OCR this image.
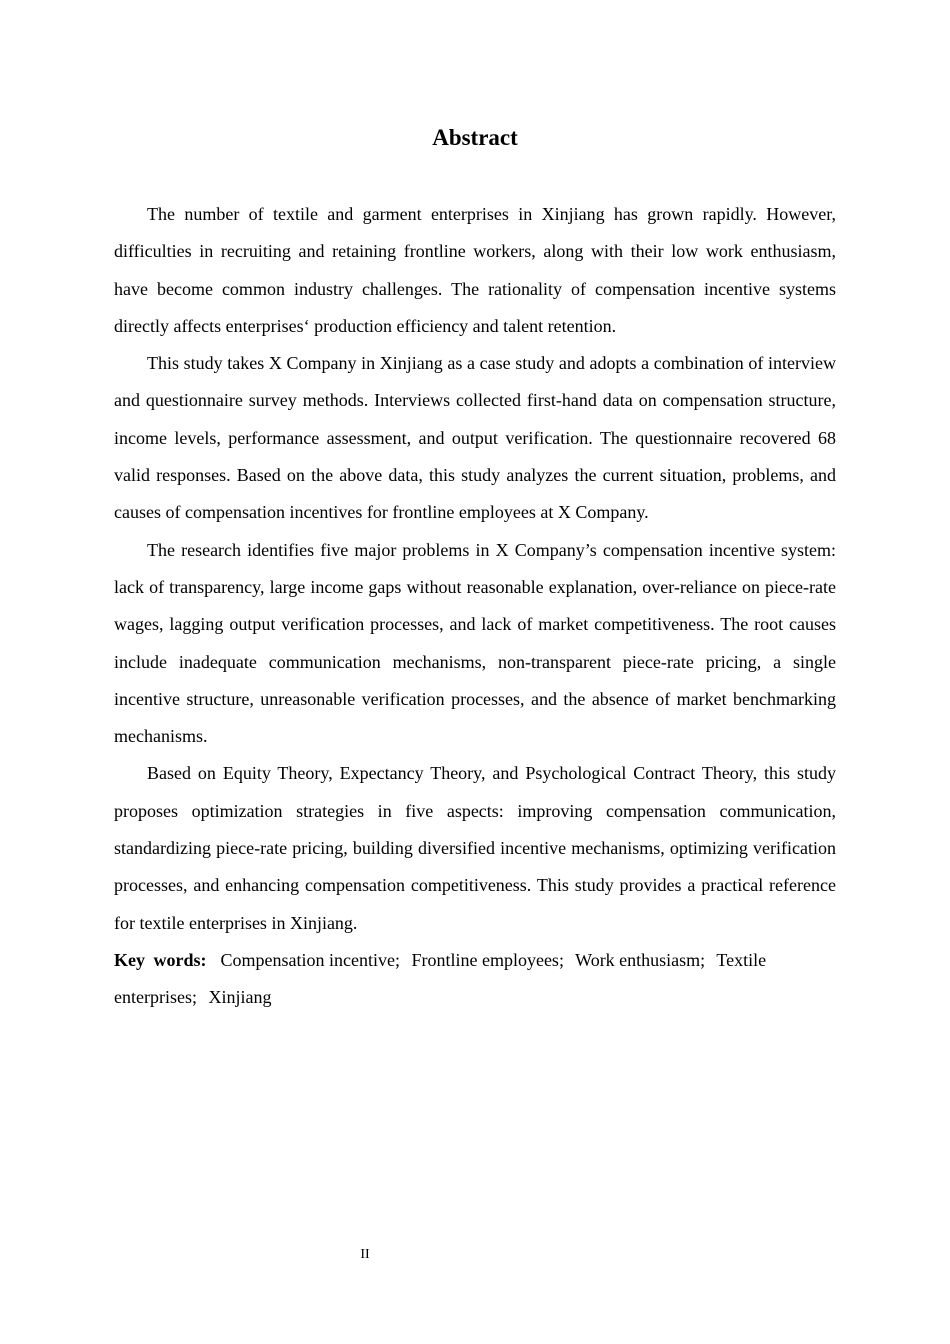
Abstract

The number of textile and garment enterprises in Xinjiang has grown rapidly. However, difficulties in recruiting and retaining frontline workers, along with their low work enthusiasm, have become common industry challenges. The rationality of compensation incentive systems directly affects enterprises‘ production efficiency and talent retention.

This study takes X Company in Xinjiang as a case study and adopts a combination of interview and questionnaire survey methods. Interviews collected first-hand data on compensation structure, income levels, performance assessment, and output verification. The questionnaire recovered 68 valid responses. Based on the above data, this study analyzes the current situation, problems, and causes of compensation incentives for frontline employees at X Company.

The research identifies five major problems in X Company’s compensation incentive system: lack of transparency, large income gaps without reasonable explanation, over-reliance on piece-rate wages, lagging output verification processes, and lack of market competitiveness. The root causes include inadequate communication mechanisms, non-transparent piece-rate pricing, a single incentive structure, unreasonable verification processes, and the absence of market benchmarking mechanisms.

Based on Equity Theory, Expectancy Theory, and Psychological Contract Theory, this study proposes optimization strategies in five aspects: improving compensation communication, standardizing piece-rate pricing, building diversified incentive mechanisms, optimizing verification processes, and enhancing compensation competitiveness. This study provides a practical reference for textile enterprises in Xinjiang.

Key words: Compensation incentive; Frontline employees; Work enthusiasm; Textile enterprises; Xinjiang

II
